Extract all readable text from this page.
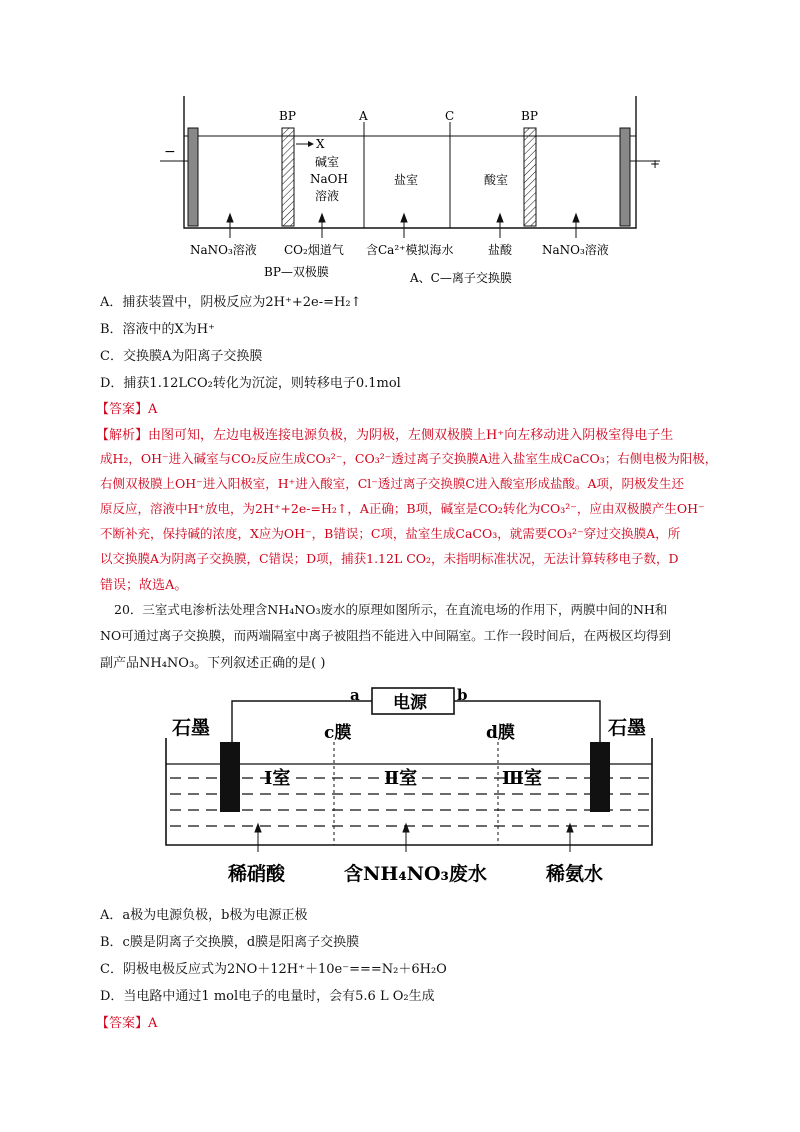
BP	A	C	BP
X
−
+
碱室
NaOH
溶液
盐室	酸室
NaNO₃溶液 CO₂烟道气 含Ca²⁺模拟海水	盐酸 NaNO₃溶液
BP—双极膜	A、C—离子交换膜
A．捕获装置中，阴极反应为2H⁺+2e-=H₂↑
B．溶液中的X为H⁺
C．交换膜A为阳离子交换膜
D．捕获1.12LCO₂转化为沉淀，则转移电子0.1mol
【答案】A
【解析】由图可知，左边电极连接电源负极，为阴极，左侧双极膜上H⁺向左移动进入阴极室得电子生
成H₂，OH⁻进入碱室与CO₂反应生成CO₃²⁻，CO₃²⁻透过离子交换膜A进入盐室生成CaCO₃；右侧电极为阳极，
右侧双极膜上OH⁻进入阳极室，H⁺进入酸室，Cl⁻透过离子交换膜C进入酸室形成盐酸。A项，阴极发生还
原反应，溶液中H⁺放电，为2H⁺+2e-=H₂↑，A正确；B项，碱室是CO₂转化为CO₃²⁻，应由双极膜产生OH⁻
不断补充，保持碱的浓度，X应为OH⁻，B错误；C项，盐室生成CaCO₃，就需要CO₃²⁻穿过交换膜A，所
以交换膜A为阴离子交换膜，C错误；D项，捕获1.12L CO₂，未指明标准状况，无法计算转移电子数，D
错误；故选A。
20．三室式电渗析法处理含NH₄NO₃废水的原理如图所示，在直流电场的作用下，两膜中间的NH和
NO可通过离子交换膜，而两端隔室中离子被阻挡不能进入中间隔室。工作一段时间后，在两极区均得到
副产品NH₄NO₃。下列叙述正确的是( )
电源
a	b
石墨	石墨
c膜	d膜
Ⅰ室	Ⅱ室	Ⅲ室
稀硝酸	含NH₄NO₃废水	稀氨水
A．a极为电源负极，b极为电源正极
B．c膜是阴离子交换膜，d膜是阳离子交换膜
C．阴极电极反应式为2NO＋12H⁺＋10e⁻===N₂＋6H₂O
D．当电路中通过1 mol电子的电量时，会有5.6 L O₂生成
【答案】A
